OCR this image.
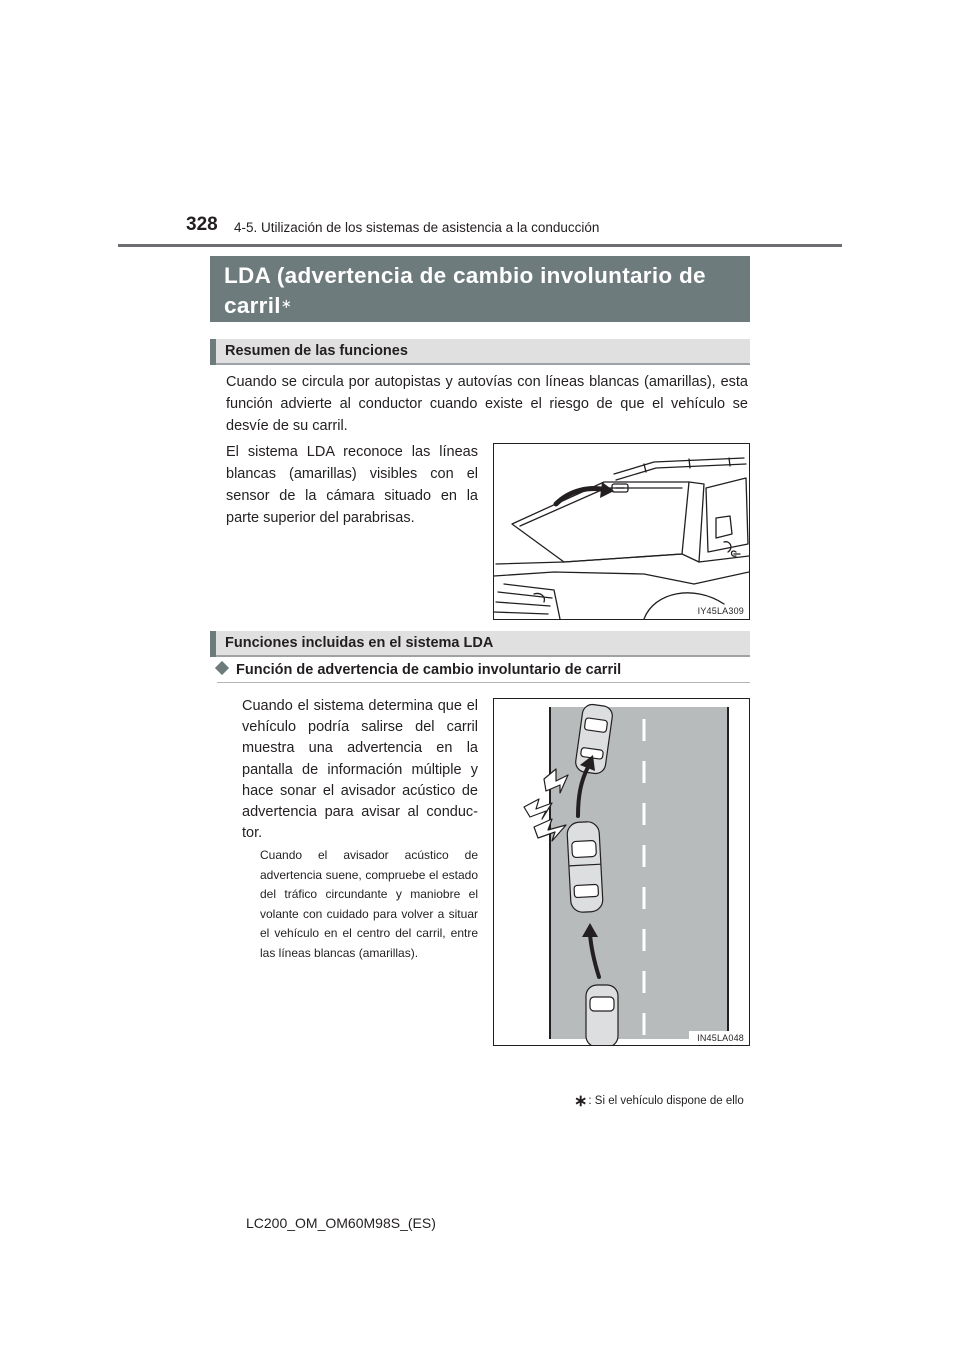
328 4-5. Utilización de los sistemas de asistencia a la conducción
LDA (advertencia de cambio involuntario de carril∗
Resumen de las funciones
Cuando se circula por autopistas y autovías con líneas blancas (amarillas), esta función advierte al conductor cuando existe el riesgo de que el vehículo se desvíe de su carril.
El sistema LDA reconoce las líneas blancas (amarillas) visibles con el sensor de la cámara situado en la parte superior del parabrisas.
IY45LA309
Funciones incluidas en el sistema LDA
Función de advertencia de cambio involuntario de carril
Cuando el sistema determina que el vehículo podría salirse del carril muestra una advertencia en la pantalla de información múltiple y hace sonar el avisador acústico de advertencia para avisar al conduc-tor.
Cuando el avisador acústico de advertencia suene, compruebe el estado del tráfico circundante y maniobre el volante con cuidado para volver a situar el vehículo en el centro del carril, entre las líneas blancas (amarillas).
IN45LA048
∗: Si el vehículo dispone de ello
LC200_OM_OM60M98S_(ES)
